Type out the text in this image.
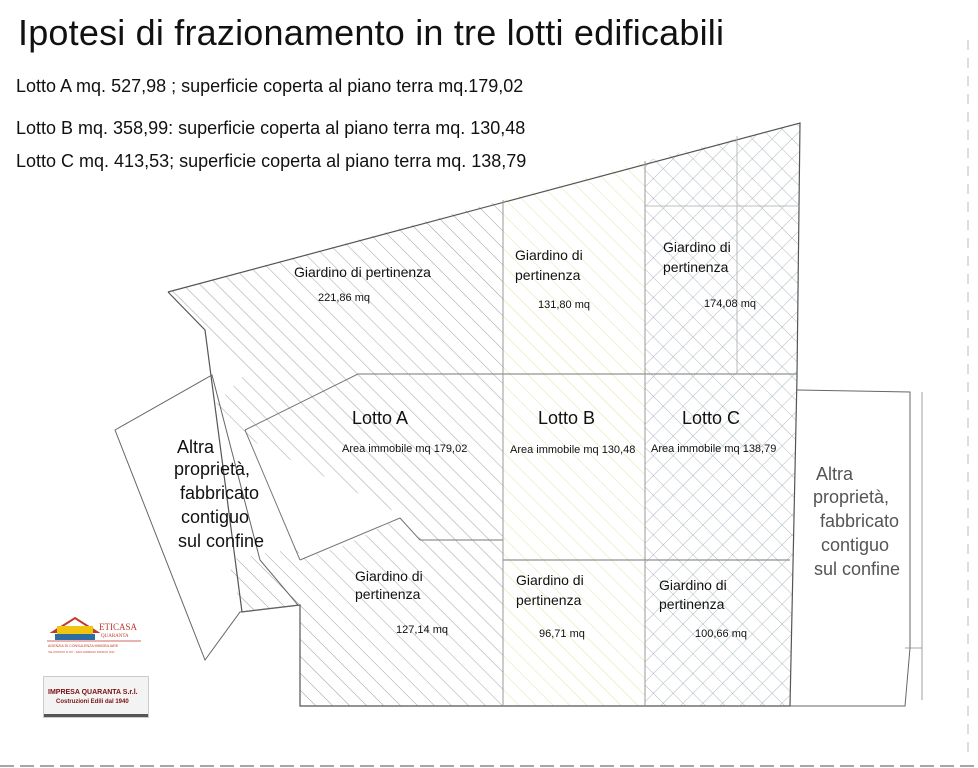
Ipotesi di frazionamento in tre lotti edificabili
Lotto A mq. 527,98 ; superficie coperta al piano terra mq.179,02
Lotto B mq. 358,99: superficie coperta al piano terra mq. 130,48
Lotto C mq. 413,53; superficie coperta al piano terra mq. 138,79
Giardino di pertinenza
221,86 mq
Lotto A
Area immobile mq 179,02
Giardino di
pertinenza
127,14 mq
Giardino di
pertinenza
131,80 mq
Lotto B
Area immobile mq 130,48
Giardino di
pertinenza
96,71 mq
Giardino di
pertinenza
174,08 mq
Lotto C
Area immobile mq 138,79
Giardino di
pertinenza
100,66 mq
Altra
proprietà,
fabbricato
contiguo
sul confine
Altra
proprietà,
fabbricato
contiguo
sul confine
ETICASA
QUARANTA
AGENZIA DI CONSULENZA IMMOBILIARE
Via XXXXXX N.XX - SAN GIORGIO JONICO (TA)
IMPRESA QUARANTA S.r.l.
Costruzioni Edili dal 1940
